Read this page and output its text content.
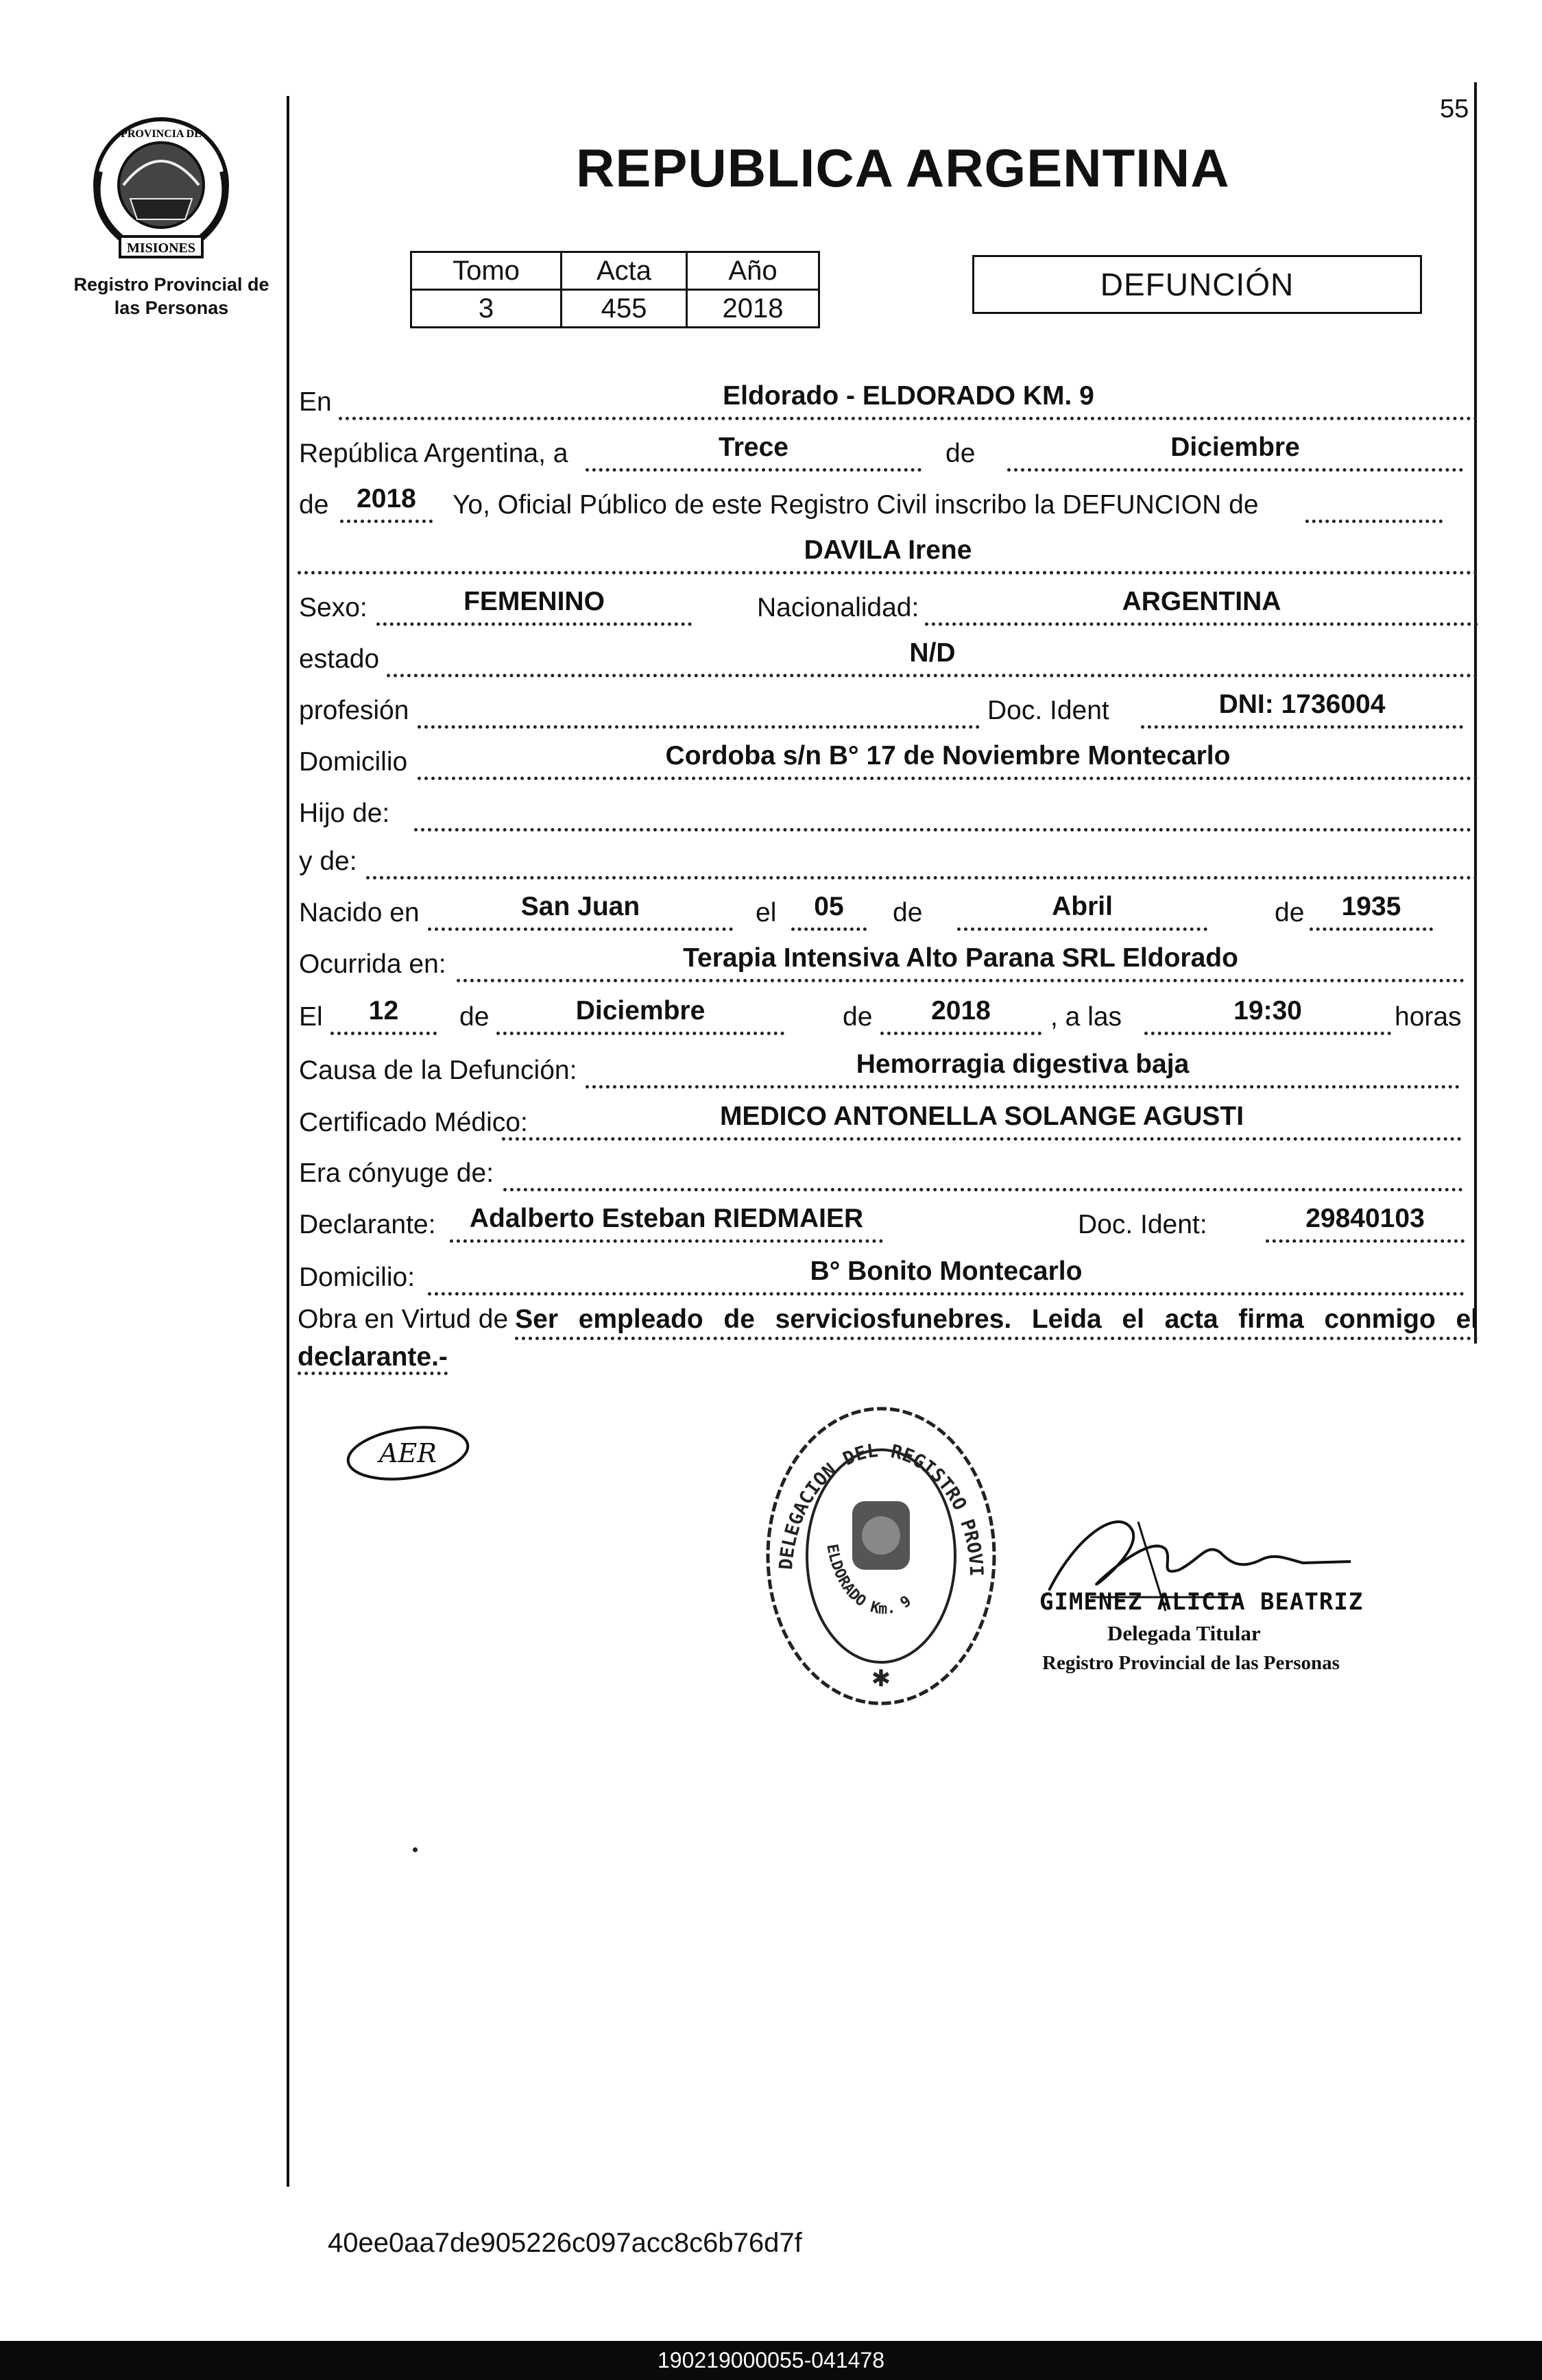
55
MISIONES
PROVINCIA DE
Registro Provincial de
las Personas
REPUBLICA ARGENTINA
Tomo	Acta	Año
3	455	2018
DEFUNCIÓN
En	Eldorado - ELDORADO KM. 9
República Argentina, a	Trece	de	Diciembre
de	2018	Yo, Oficial Público de este Registro Civil inscribo la DEFUNCION de
DAVILA Irene
Sexo:	FEMENINO	Nacionalidad:	ARGENTINA
estado	N/D
profesión	Doc. Ident	DNI: 1736004
Domicilio	Cordoba s/n B° 17 de Noviembre Montecarlo
Hijo de:
y de:
Nacido en	San Juan	el	05	de	Abril	de	1935
Ocurrida en:	Terapia Intensiva Alto Parana SRL Eldorado
El	12	de	Diciembre	de	2018	, a las	19:30	horas
Causa de la Defunción:	Hemorragia digestiva baja
Certificado Médico:	MEDICO ANTONELLA SOLANGE AGUSTI
Era cónyuge de:
Declarante:	Adalberto Esteban RIEDMAIER	Doc. Ident:	29840103
Domicilio:	B° Bonito Montecarlo
Obra en Virtud de Ser empleado de serviciosfunebres. Leida el acta firma conmigo el
declarante.-
AER
DELEGACION DEL REGISTRO PROVI
ELDORADO Km. 9
✱
GIMENEZ ALICIA BEATRIZ
Delegada Titular
Registro Provincial de las Personas
40ee0aa7de905226c097acc8c6b76d7f
190219000055-041478
